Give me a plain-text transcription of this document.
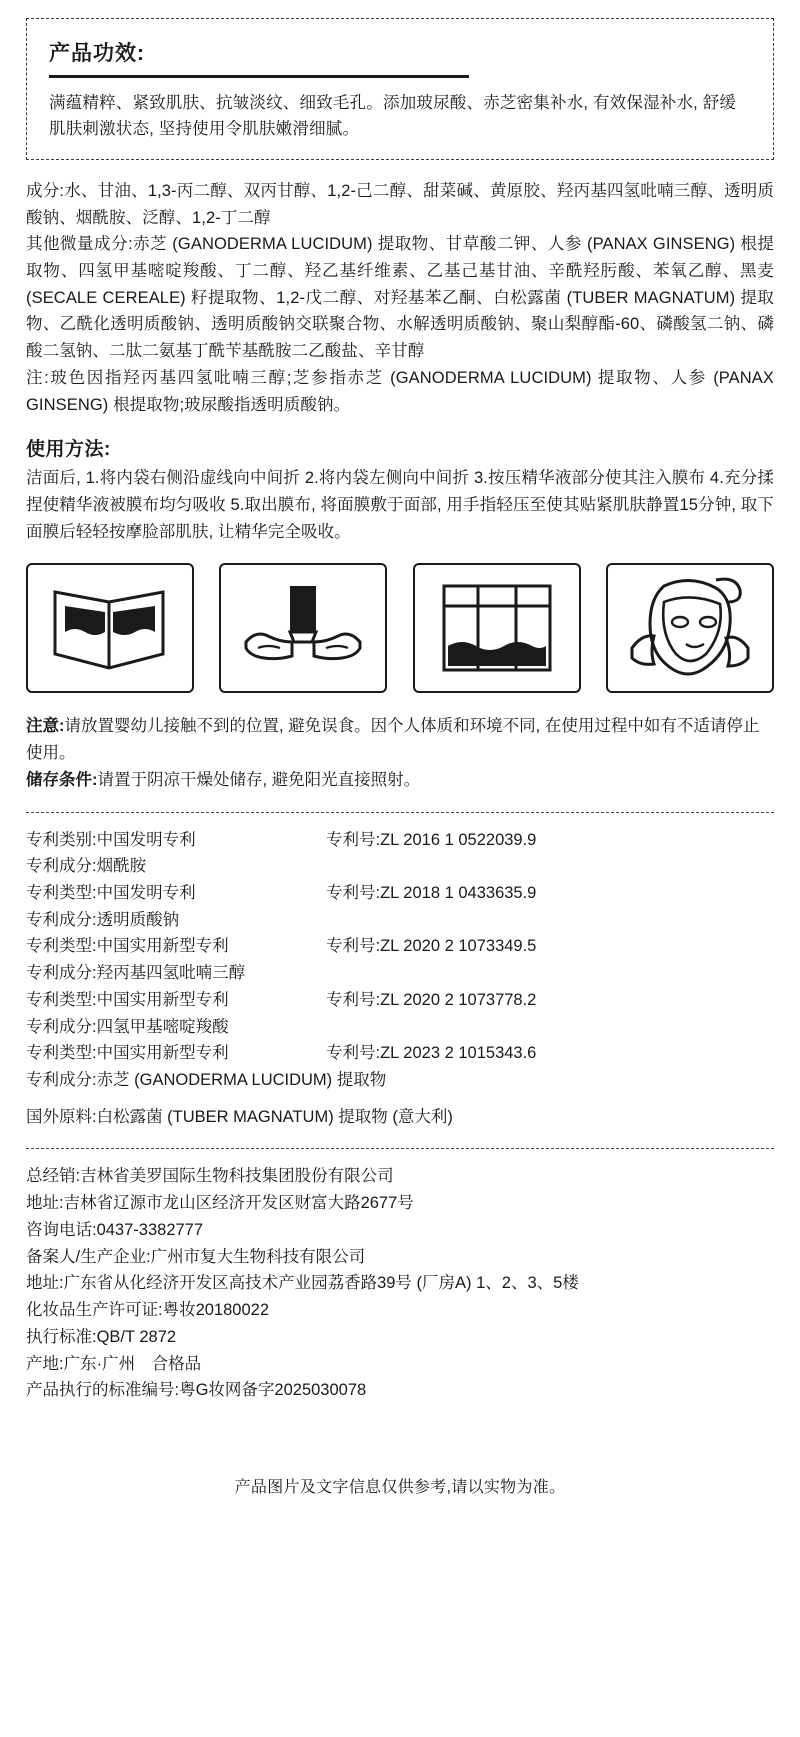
产品功效:
满蕴精粹、紧致肌肤、抗皱淡纹、细致毛孔。添加玻尿酸、赤芝密集补水, 有效保湿补水, 舒缓肌肤刺激状态, 坚持使用令肌肤嫩滑细腻。
成分:水、甘油、1,3-丙二醇、双丙甘醇、1,2-己二醇、甜菜碱、黄原胶、羟丙基四氢吡喃三醇、透明质酸钠、烟酰胺、泛醇、1,2-丁二醇
其他微量成分:赤芝 (GANODERMA LUCIDUM) 提取物、甘草酸二钾、人参 (PANAX GINSENG) 根提取物、四氢甲基嘧啶羧酸、丁二醇、羟乙基纤维素、乙基己基甘油、辛酰羟肟酸、苯氧乙醇、黑麦 (SECALE CEREALE) 籽提取物、1,2-戊二醇、对羟基苯乙酮、白松露菌 (TUBER MAGNATUM) 提取物、乙酰化透明质酸钠、透明质酸钠交联聚合物、水解透明质酸钠、聚山梨醇酯-60、磷酸氢二钠、磷酸二氢钠、二肽二氨基丁酰苄基酰胺二乙酸盐、辛甘醇
注:玻色因指羟丙基四氢吡喃三醇;芝参指赤芝 (GANODERMA LUCIDUM) 提取物、人参 (PANAX GINSENG) 根提取物;玻尿酸指透明质酸钠。
使用方法:
洁面后, 1.将内袋右侧沿虚线向中间折 2.将内袋左侧向中间折 3.按压精华液部分使其注入膜布 4.充分揉捏使精华液被膜布均匀吸收 5.取出膜布, 将面膜敷于面部, 用手指轻压至使其贴紧肌肤静置15分钟, 取下面膜后轻轻按摩脸部肌肤, 让精华完全吸收。
注意:请放置婴幼儿接触不到的位置, 避免误食。因个人体质和环境不同, 在使用过程中如有不适请停止使用。
储存条件:请置于阴凉干燥处储存, 避免阳光直接照射。
专利类别:中国发明专利	专利号:ZL 2016 1 0522039.9
专利成分:烟酰胺
专利类型:中国发明专利	专利号:ZL 2018 1 0433635.9
专利成分:透明质酸钠
专利类型:中国实用新型专利	专利号:ZL 2020 2 1073349.5
专利成分:羟丙基四氢吡喃三醇
专利类型:中国实用新型专利	专利号:ZL 2020 2 1073778.2
专利成分:四氢甲基嘧啶羧酸
专利类型:中国实用新型专利	专利号:ZL 2023 2 1015343.6
专利成分:赤芝 (GANODERMA LUCIDUM) 提取物
国外原料:白松露菌 (TUBER MAGNATUM) 提取物 (意大利)
总经销:吉林省美罗国际生物科技集团股份有限公司
地址:吉林省辽源市龙山区经济开发区财富大路2677号
咨询电话:0437-3382777
备案人/生产企业:广州市复大生物科技有限公司
地址:广东省从化经济开发区高技术产业园荔香路39号 (厂房A) 1、2、3、5楼
化妆品生产许可证:粤妆20180022
执行标准:QB/T 2872
产地:广东·广州　合格品
产品执行的标准编号:粤G妆网备字2025030078
产品图片及文字信息仅供参考,请以实物为准。
